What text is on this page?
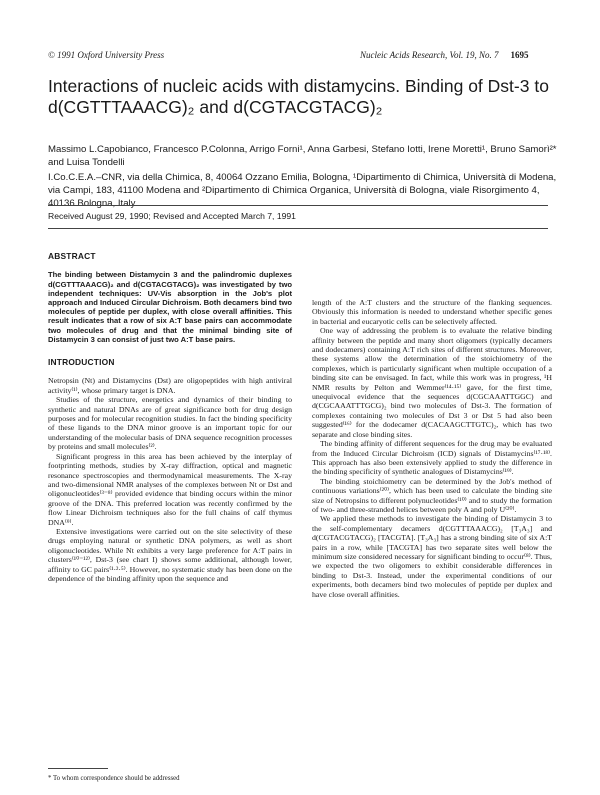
© 1991 Oxford University Press	Nucleic Acids Research, Vol. 19, No. 7 1695
Interactions of nucleic acids with distamycins. Binding of Dst-3 to d(CGTTTAAACG)₂ and d(CGTACGTACG)₂
Massimo L.Capobianco, Francesco P.Colonna, Arrigo Forni¹, Anna Garbesi, Stefano Iotti, Irene Moretti¹, Bruno Samorì²* and Luisa Tondelli
I.Co.C.E.A.–CNR, via della Chimica, 8, 40064 Ozzano Emilia, Bologna, ¹Dipartimento di Chimica, Università di Modena, via Campi, 183, 41100 Modena and ²Dipartimento di Chimica Organica, Università di Bologna, viale Risorgimento 4, 40136 Bologna, Italy
Received August 29, 1990; Revised and Accepted March 7, 1991
ABSTRACT

The binding between Distamycin 3 and the palindromic duplexes d(CGTTTAAACG)₂ and d(CGTACGTACG)₂ was investigated by two independent techniques: UV-Vis absorption in the Job's plot approach and Induced Circular Dichroism. Both decamers bind two molecules of peptide per duplex, with close overall affinities. This result indicates that a row of six A:T base pairs can accommodate two molecules of drug and that the minimal binding site of Distamycin 3 can consist of just two A:T base pairs.

INTRODUCTION

Netropsin (Nt) and Distamycins (Dst) are oligopeptides with high antiviral activity⁽¹⁾, whose primary target is DNA.

Studies of the structure, energetics and dynamics of their binding to synthetic and natural DNAs are of great significance both for drug design purposes and for molecular recognition studies. In fact the binding specificity of these ligands to the DNA minor groove is an important topic for our understanding of the molecular basis of DNA sequence recognition processes by proteins and small molecules⁽²⁾.

Significant progress in this area has been achieved by the interplay of footprinting methods, studies by X-ray diffraction, optical and magnetic resonance spectroscopies and thermodynamical measurements. The X-ray and two-dimensional NMR analyses of the complexes between Nt or Dst and oligonucleotides⁽³⁻⁸⁾ provided evidence that binding occurs within the minor groove of the DNA. This preferred location was recently confirmed by the flow Linear Dichroism techniques also for the full chains of calf thymus DNA⁽⁹⁾.

Extensive investigations were carried out on the site selectivity of these drugs employing natural or synthetic DNA polymers, as well as short oligonucleotides. While Nt exhibits a very large preference for A:T pairs in clusters⁽¹⁰⁻¹²⁾, Dst-3 (see chart I) shows some additional, although lower, affinity to GC pairs⁽¹·²·⁵⁾. However, no systematic study has been done on the dependence of the binding affinity upon the sequence and

length of the A:T clusters and the structure of the flanking sequences. Obviously this information is needed to understand whether specific genes in bacterial and eucaryotic cells can be selectively affected.

One way of addressing the problem is to evaluate the relative binding affinity between the peptide and many short oligomers (typically decamers and dodecamers) containing A:T rich sites of different structures. Moreover, these systems allow the determination of the stoichiometry of the complexes, which is particularly significant when multiple occupation of a binding site can be envisaged. In fact, while this work was in progress, ¹H NMR results by Pelton and Wemmer⁽¹⁴·¹⁵⁾ gave, for the first time, unequivocal evidence that the sequences d(CGCAAATTGGC) and d(CGCAAATTTGCG)₂ bind two molecules of Dst-3. The formation of complexes containing two molecules of Dst 3 or Dst 5 had also been suggested⁽¹⁶⁾ for the dodecamer d(CACAAGCTTGTC)₂, which has two separate and close binding sites.

The binding affinity of different sequences for the drug may be evaluated from the Induced Circular Dichroism (ICD) signals of Distamycins⁽¹⁷·¹⁸⁾. This approach has also been extensively applied to study the difference in the binding specificity of synthetic analogues of Distamycins⁽¹⁹⁾.

The binding stoichiometry can be determined by the Job's method of continuous variations⁽²⁰⁾, which has been used to calculate the binding site size of Netropsins to different polynucleotides⁽¹⁰⁾ and to study the formation of two- and three-stranded helices between poly A and poly U⁽²⁰⁾.

We applied these methods to investigate the binding of Distamycin 3 to the self-complementary decamers d(CGTTTAAACG)₂ [T₃A₃] and d(CGTACGTACG)₂ [TACGTA]. [T₃A₃] has a strong binding site of six A:T pairs in a row, while [TACGTA] has two separate sites well below the minimum size considered necessary for significant binding to occur⁽⁸⁾. Thus, we expected the two oligomers to exhibit considerable differences in binding to Dst-3. Instead, under the experimental conditions of our experiments, both decamers bind two molecules of peptide per duplex and have close overall affinities.

* To whom correspondence should be addressed
